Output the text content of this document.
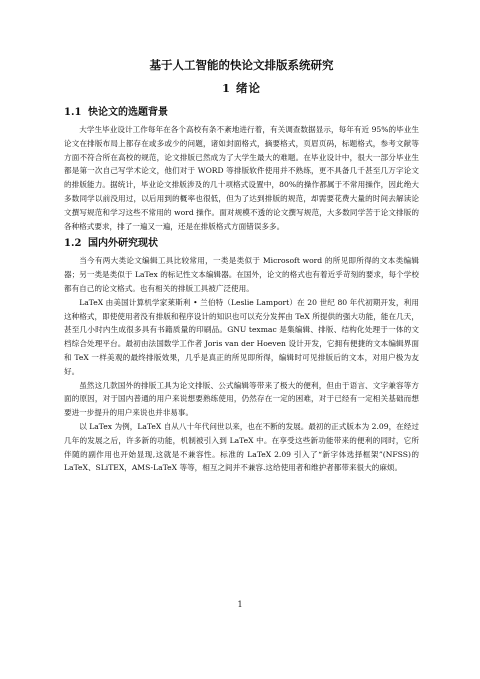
基于人工智能的快论文排版系统研究
1 绪论
1.1 快论文的选题背景

大学生毕业设计工作每年在各个高校有条不紊地进行着，有关调查数据显示，每年有近 95%的毕业生论文在排版布局上都存在或多或少的问题，诸如封面格式，摘要格式，页眉页码，标题格式，参考文献等方面不符合所在高校的规范，论文排版已然成为了大学生最大的难题。在毕业设计中，很大一部分毕业生都是第一次自己写学术论文，他们对于 WORD 等排版软件使用并不熟练，更不具备几千甚至几万字论文的排版能力。据统计，毕业论文排版涉及的几十项格式设置中，80%的操作都属于不常用操作，因此绝大多数同学以前没用过，以后用到的概率也很低，但为了达到排版的规范，却需要花费大量的时间去解读论文撰写规范和学习这些不常用的 word 操作。面对规模不透的论文撰写规范，大多数同学苦于论文排版的各种格式要求，排了一遍又一遍，还是在排版格式方面错误多多。

1.2 国内外研究现状

当今有两大类论文编辑工具比较常用，一类是类似于 Microsoft word 的所见即所得的文本类编辑器；另一类是类似于 LaTex 的标记性文本编辑器。在国外，论文的格式也有着近乎苛刻的要求，每个学校都有自己的论文格式。也有相关的排版工具被广泛使用。

LaTeX 由美国计算机学家莱斯利 • 兰伯特（Leslie Lamport）在 20 世纪 80 年代初期开发，利用这种格式，即使使用者没有排版和程序设计的知识也可以充分发挥由 TeX 所提供的强大功能，能在几天，甚至几小时内生成很多具有书籍质量的印刷品。GNU texmac 是集编辑、排版、结构化处理于一体的文档综合处理平台。最初由法国数学工作者 Joris van der Hoeven 设计开发，它拥有便捷的文本编辑界面和 TeX 一样美观的最终排版效果，几乎是真正的所见即所得，编辑时可见排版后的文本，对用户极为友好。

虽然这几款国外的排版工具为论文排版、公式编辑等带来了极大的便利，但由于语言、文字兼容等方面的原因，对于国内普通的用户来说想要熟练使用，仍然存在一定的困难，对于已经有一定相关基础而想要进一步提升的用户来说也并非易事。

以 LaTex 为例，LaTeX 自从八十年代问世以来，也在不断的发展。最初的正式版本为 2.09，在经过几年的发展之后，许多新的功能，机制被引入到 LaTeX 中。在享受这些新功能带来的便利的同时，它所伴随的副作用也开始显现,这就是不兼容性。标准的 LaTeX 2.09 引入了“新字体选择框架”(NFSS)的 LaTeX、SLiTEX，AMS-LaTeX 等等，相互之间并不兼容.这给使用者和维护者都带来很大的麻烦。

1
